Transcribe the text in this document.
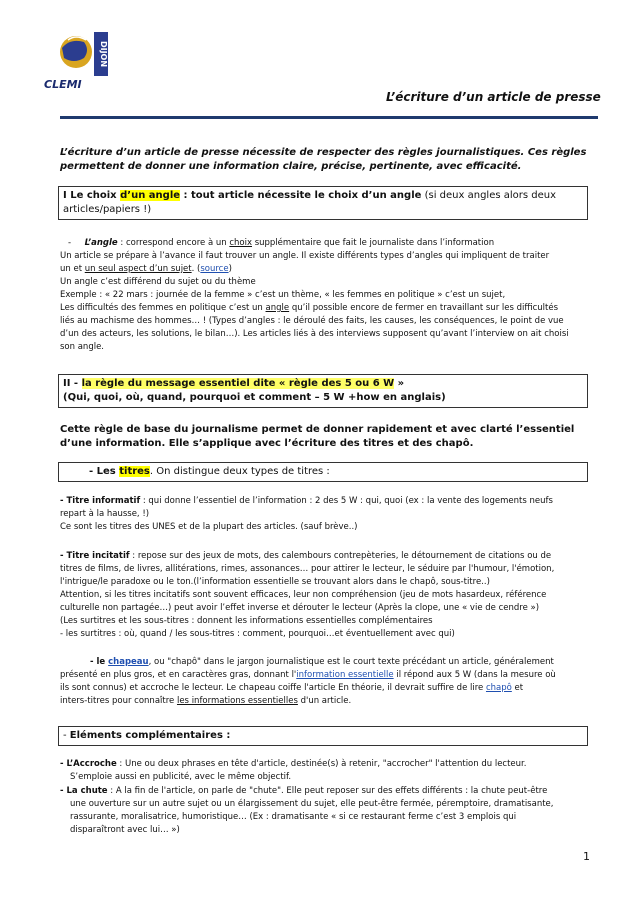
DIJON
CLEMI
L’écriture d’un article de presse
L’écriture d’un article de presse nécessite de respecter des règles journalistiques. Ces règles permettent de donner une information claire, précise, pertinente, avec efficacité.
I Le choix d’un angle : tout article nécessite le choix d’un angle (si deux angles alors deux articles/papiers !)
- L’angle : correspond encore à un choix supplémentaire que fait le journaliste dans l’information
Un article se prépare à l’avance il faut trouver un angle. Il existe différents types d’angles qui impliquent de traiter
un et un seul aspect d’un sujet. (source)
Un angle c’est différend du sujet ou du thème
Exemple : « 22 mars : journée de la femme » c’est un thème, « les femmes en politique » c’est un sujet,
Les difficultés des femmes en politique c’est un angle qu’il possible encore de fermer en travaillant sur les difficultés
liés au machisme des hommes… ! (Types d’angles : le déroulé des faits, les causes, les conséquences, le point de vue
d’un des acteurs, les solutions, le bilan…). Les articles liés à des interviews supposent qu’avant l’interview on ait choisi
son angle.
II - la règle du message essentiel dite « règle des 5 ou 6 W »
(Qui, quoi, où, quand, pourquoi et comment – 5 W +how en anglais)
Cette règle de base du journalisme permet de donner rapidement et avec clarté l’essentiel d’une information. Elle s’applique avec l’écriture des titres et des chapô.
- Les titres. On distingue deux types de titres :
- Titre informatif : qui donne l’essentiel de l’information : 2 des 5 W : qui, quoi (ex : la vente des logements neufs
repart à la hausse, !)
Ce sont les titres des UNES et de la plupart des articles. (sauf brève..)
- Titre incitatif : repose sur des jeux de mots, des calembours contrepèteries, le détournement de citations ou de
titres de films, de livres, allitérations, rimes, assonances… pour attirer le lecteur, le séduire par l'humour, l'émotion,
l'intrigue/le paradoxe ou le ton.(l’information essentielle se trouvant alors dans le chapô, sous-titre..)
Attention, si les titres incitatifs sont souvent efficaces, leur non compréhension (jeu de mots hasardeux, référence
culturelle non partagée…) peut avoir l’effet inverse et dérouter le lecteur (Après la clope, une « vie de cendre »)
(Les surtitres et les sous-titres : donnent les informations essentielles complémentaires
- les surtitres : où, quand / les sous-titres : comment, pourquoi…et éventuellement avec qui)
- le chapeau, ou "chapô" dans le jargon journalistique est le court texte précédant un article, généralement
présenté en plus gros, et en caractères gras, donnant l'information essentielle il répond aux 5 W (dans la mesure où
ils sont connus) et accroche le lecteur. Le chapeau coiffe l'article En théorie, il devrait suffire de lire chapô et
inters-titres pour connaître les informations essentielles d'un article.
- Eléments complémentaires :
- L’Accroche : Une ou deux phrases en tête d'article, destinée(s) à retenir, "accrocher" l'attention du lecteur.
S’emploie aussi en publicité, avec le même objectif.
- La chute : A la fin de l'article, on parle de "chute". Elle peut reposer sur des effets différents : la chute peut-être
une ouverture sur un autre sujet ou un élargissement du sujet, elle peut-être fermée, péremptoire, dramatisante,
rassurante, moralisatrice, humoristique… (Ex : dramatisante « si ce restaurant ferme c’est 3 emplois qui
disparaîtront avec lui… »)
1
